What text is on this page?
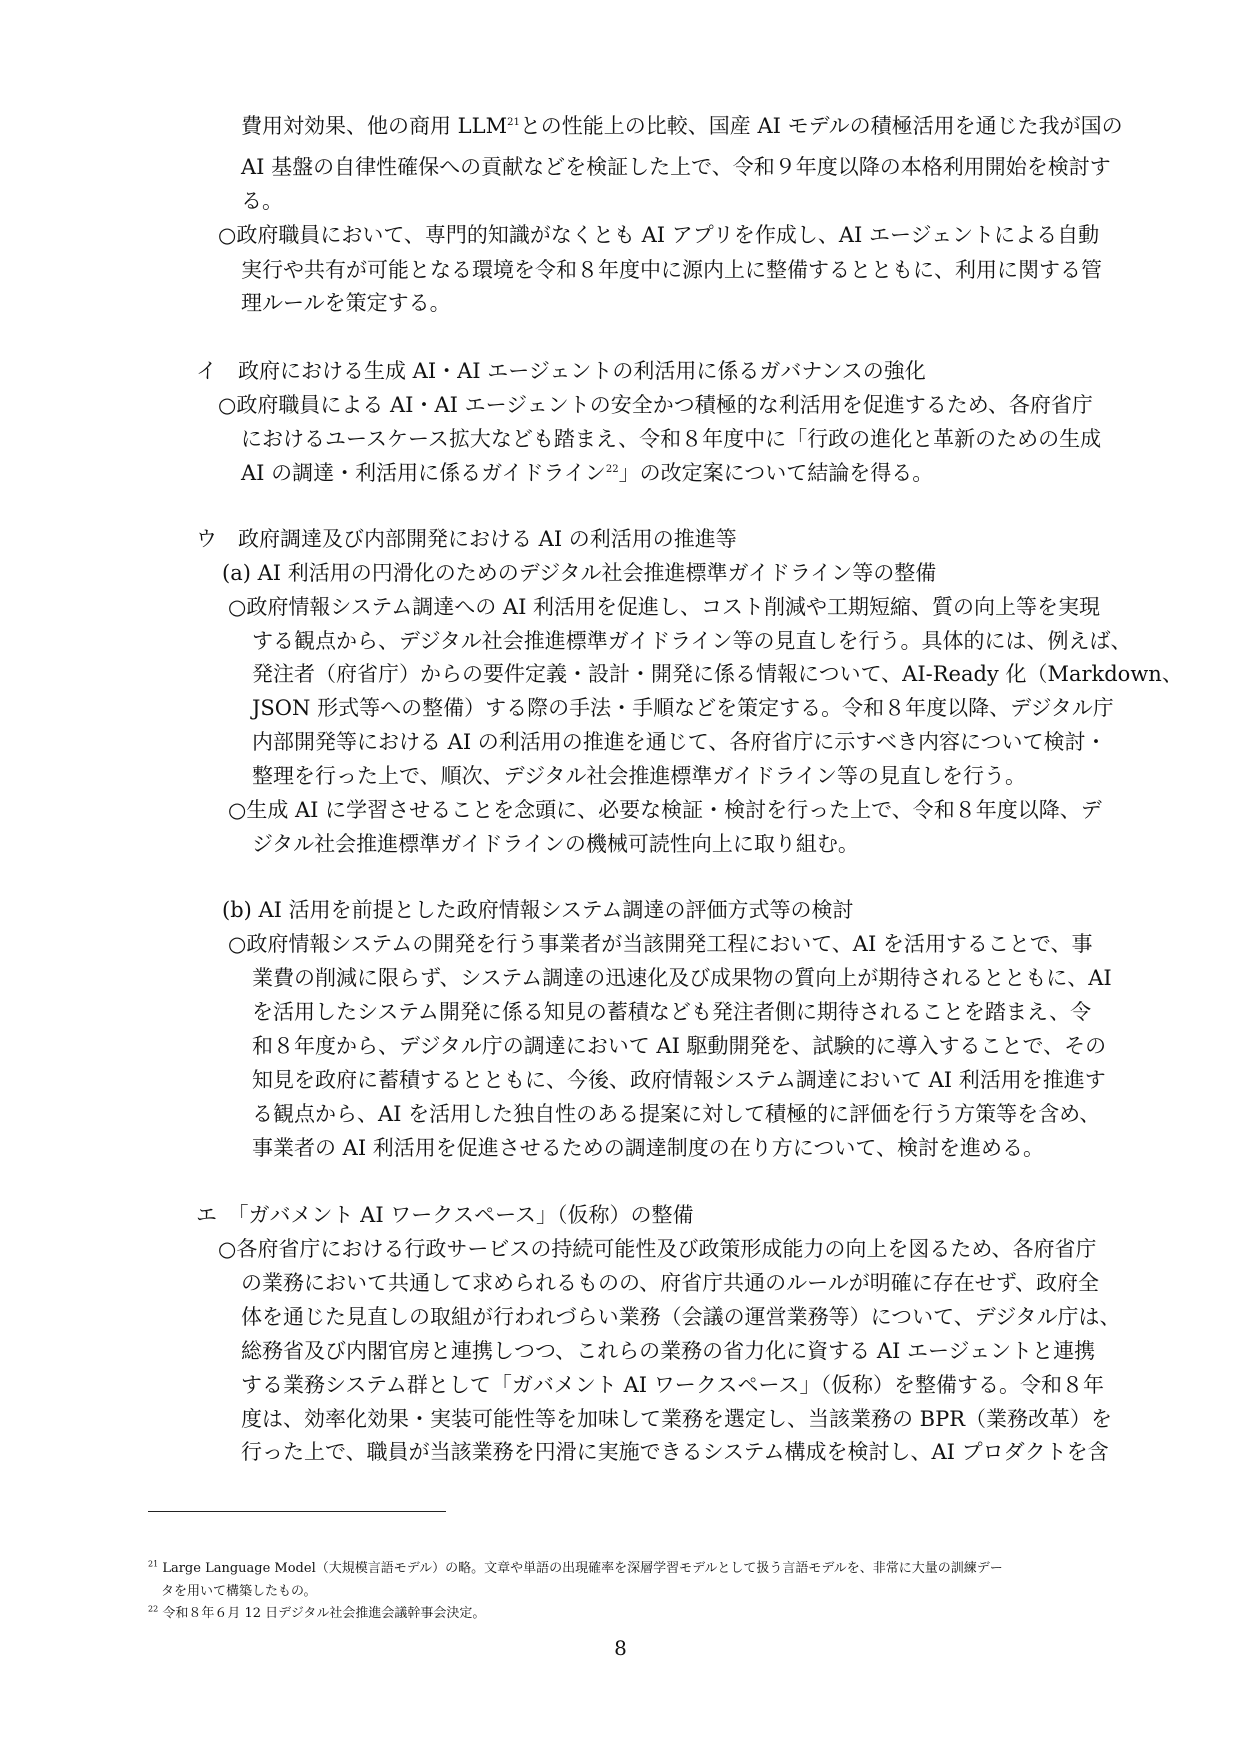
費用対効果、他の商用 LLM$^{21}$との性能上の比較、国産 AI モデルの積極活用を通じた我が国の

AI 基盤の自律性確保への貢献などを検証した上で、令和９年度以降の本格利用開始を検討す

る。

○政府職員において、専門的知識がなくとも AI アプリを作成し、AI エージェントによる自動

実行や共有が可能となる環境を令和８年度中に源内上に整備するとともに、利用に関する管

理ルールを策定する。

イ　政府における生成 AI・AI エージェントの利活用に係るガバナンスの強化

○政府職員による AI・AI エージェントの安全かつ積極的な利活用を促進するため、各府省庁

におけるユースケース拡大なども踏まえ、令和８年度中に「行政の進化と革新のための生成

AI の調達・利活用に係るガイドライン$^{22}$」の改定案について結論を得る。

ウ　政府調達及び内部開発における AI の利活用の推進等

(a) AI 利活用の円滑化のためのデジタル社会推進標準ガイドライン等の整備

○政府情報システム調達への AI 利活用を促進し、コスト削減や工期短縮、質の向上等を実現

する観点から、デジタル社会推進標準ガイドライン等の見直しを行う。具体的には、例えば、

発注者（府省庁）からの要件定義・設計・開発に係る情報について、AI-Ready 化（Markdown、

JSON 形式等への整備）する際の手法・手順などを策定する。令和８年度以降、デジタル庁

内部開発等における AI の利活用の推進を通じて、各府省庁に示すべき内容について検討・

整理を行った上で、順次、デジタル社会推進標準ガイドライン等の見直しを行う。

○生成 AI に学習させることを念頭に、必要な検証・検討を行った上で、令和８年度以降、デ

ジタル社会推進標準ガイドラインの機械可読性向上に取り組む。

(b) AI 活用を前提とした政府情報システム調達の評価方式等の検討

○政府情報システムの開発を行う事業者が当該開発工程において、AI を活用することで、事

業費の削減に限らず、システム調達の迅速化及び成果物の質向上が期待されるとともに、AI

を活用したシステム開発に係る知見の蓄積なども発注者側に期待されることを踏まえ、令

和８年度から、デジタル庁の調達において AI 駆動開発を、試験的に導入することで、その

知見を政府に蓄積するとともに、今後、政府情報システム調達において AI 利活用を推進す

る観点から、AI を活用した独自性のある提案に対して積極的に評価を行う方策等を含め、

事業者の AI 利活用を促進させるための調達制度の在り方について、検討を進める。

エ　「ガバメント AI ワークスペース」（仮称）の整備

○各府省庁における行政サービスの持続可能性及び政策形成能力の向上を図るため、各府省庁

の業務において共通して求められるものの、府省庁共通のルールが明確に存在せず、政府全

体を通じた見直しの取組が行われづらい業務（会議の運営業務等）について、デジタル庁は、

総務省及び内閣官房と連携しつつ、これらの業務の省力化に資する AI エージェントと連携

する業務システム群として「ガバメント AI ワークスペース」（仮称）を整備する。令和８年

度は、効率化効果・実装可能性等を加味して業務を選定し、当該業務の BPR（業務改革）を

行った上で、職員が当該業務を円滑に実施できるシステム構成を検討し、AI プロダクトを含

$^{21}$ Large Language Model（大規模言語モデル）の略。文章や単語の出現確率を深層学習モデルとして扱う言語モデルを、非常に大量の訓練デー

タを用いて構築したもの。

$^{22}$ 令和８年６月 12 日デジタル社会推進会議幹事会決定。

8
